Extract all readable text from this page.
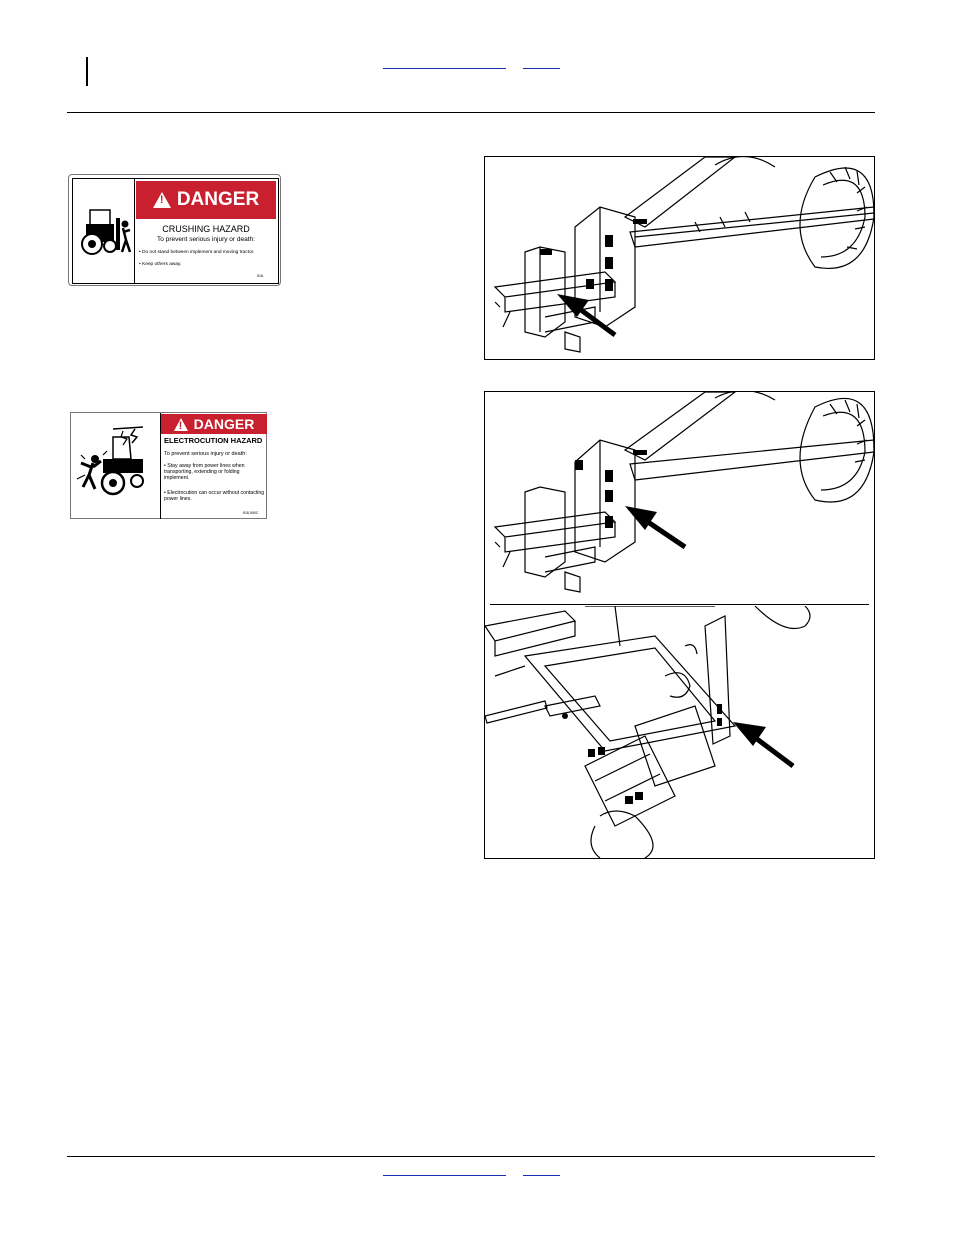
!
DANGER
CRUSHING HAZARD
To prevent serious injury or death:
• Do not stand between implement and moving tractor.
• Keep others away.
818-
!
DANGER
ELECTROCUTION HAZARD
To prevent serious injury or death:
• Stay away from power lines when transporting, extending or folding implement.
• Electrocution can occur without contacting power lines.
818-590C
